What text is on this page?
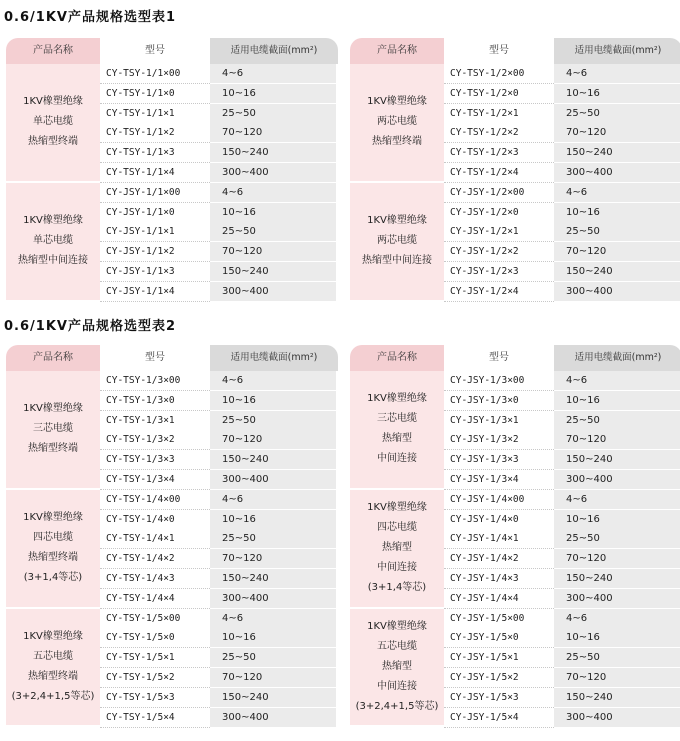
0.6/1KV产品规格选型表1
0.6/1KV产品规格选型表2
产品名称	型号	适用电缆截面(mm²)
1KV橡塑绝缘
单芯电缆
热缩型终端
CY-TSY-1/1×00	4~6
CY-TSY-1/1×0	10~16
CY-TSY-1/1×1	25~50
CY-TSY-1/1×2	70~120
CY-TSY-1/1×3	150~240
CY-TSY-1/1×4	300~400
1KV橡塑绝缘
单芯电缆
热缩型中间连接
CY-JSY-1/1×00	4~6
CY-JSY-1/1×0	10~16
CY-JSY-1/1×1	25~50
CY-JSY-1/1×2	70~120
CY-JSY-1/1×3	150~240
CY-JSY-1/1×4	300~400
产品名称	型号	适用电缆截面(mm²)
1KV橡塑绝缘
两芯电缆
热缩型终端
CY-TSY-1/2×00	4~6
CY-TSY-1/2×0	10~16
CY-TSY-1/2×1	25~50
CY-TSY-1/2×2	70~120
CY-TSY-1/2×3	150~240
CY-TSY-1/2×4	300~400
1KV橡塑绝缘
两芯电缆
热缩型中间连接
CY-JSY-1/2×00	4~6
CY-JSY-1/2×0	10~16
CY-JSY-1/2×1	25~50
CY-JSY-1/2×2	70~120
CY-JSY-1/2×3	150~240
CY-JSY-1/2×4	300~400
产品名称	型号	适用电缆截面(mm²)
1KV橡塑绝缘
三芯电缆
热缩型终端
CY-TSY-1/3×00	4~6
CY-TSY-1/3×0	10~16
CY-TSY-1/3×1	25~50
CY-TSY-1/3×2	70~120
CY-TSY-1/3×3	150~240
CY-TSY-1/3×4	300~400
1KV橡塑绝缘
四芯电缆
热缩型终端
(3+1,4等芯)
CY-TSY-1/4×00	4~6
CY-TSY-1/4×0	10~16
CY-TSY-1/4×1	25~50
CY-TSY-1/4×2	70~120
CY-TSY-1/4×3	150~240
CY-TSY-1/4×4	300~400
1KV橡塑绝缘
五芯电缆
热缩型终端
(3+2,4+1,5等芯)
CY-TSY-1/5×00	4~6
CY-TSY-1/5×0	10~16
CY-TSY-1/5×1	25~50
CY-TSY-1/5×2	70~120
CY-TSY-1/5×3	150~240
CY-TSY-1/5×4	300~400
产品名称	型号	适用电缆截面(mm²)
1KV橡塑绝缘
三芯电缆
热缩型
中间连接
CY-JSY-1/3×00	4~6
CY-JSY-1/3×0	10~16
CY-JSY-1/3×1	25~50
CY-JSY-1/3×2	70~120
CY-JSY-1/3×3	150~240
CY-JSY-1/3×4	300~400
1KV橡塑绝缘
四芯电缆
热缩型
中间连接
(3+1,4等芯)
CY-JSY-1/4×00	4~6
CY-JSY-1/4×0	10~16
CY-JSY-1/4×1	25~50
CY-JSY-1/4×2	70~120
CY-JSY-1/4×3	150~240
CY-JSY-1/4×4	300~400
1KV橡塑绝缘
五芯电缆
热缩型
中间连接
(3+2,4+1,5等芯)
CY-JSY-1/5×00	4~6
CY-JSY-1/5×0	10~16
CY-JSY-1/5×1	25~50
CY-JSY-1/5×2	70~120
CY-JSY-1/5×3	150~240
CY-JSY-1/5×4	300~400
